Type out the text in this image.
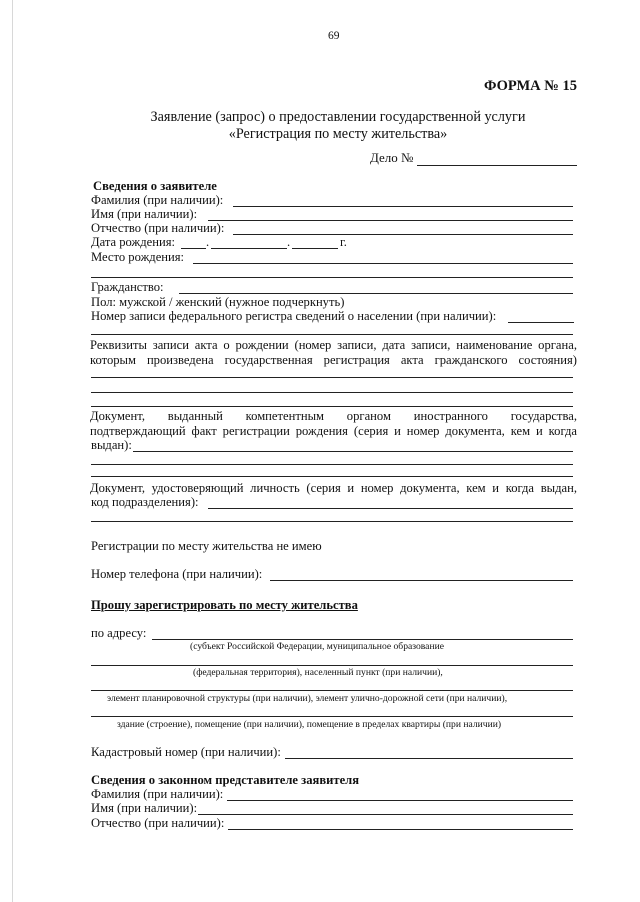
69
ФОРМА № 15
Заявление (запрос) о предоставлении государственной услуги
«Регистрация по месту жительства»
Дело №
Сведения о заявителе
Фамилия (при наличии):
Имя (при наличии):
Отчество (при наличии):
Дата рождения: .	.	г.
Место рождения:
Гражданство:
Пол: мужской / женский (нужное подчеркнуть)
Номер записи федерального регистра сведений о населении (при наличии):
Реквизиты записи акта о рождении (номер записи, дата записи, наименование органа,
которым произведена государственная регистрация акта гражданского состояния)
Документ, выданный компетентным органом иностранного государства,
подтверждающий факт регистрации рождения (серия и номер документа, кем и когда
выдан):
Документ, удостоверяющий личность (серия и номер документа, кем и когда выдан,
код подразделения):
Регистрации по месту жительства не имею
Номер телефона (при наличии):
Прошу зарегистрировать по месту жительства
по адресу:
(субъект Российской Федерации, муниципальное образование
(федеральная территория), населенный пункт (при наличии),
элемент планировочной структуры (при наличии), элемент улично-дорожной сети (при наличии),
здание (строение), помещение (при наличии), помещение в пределах квартиры (при наличии)
Кадастровый номер (при наличии):
Сведения о законном представителе заявителя
Фамилия (при наличии):
Имя (при наличии):
Отчество (при наличии):
